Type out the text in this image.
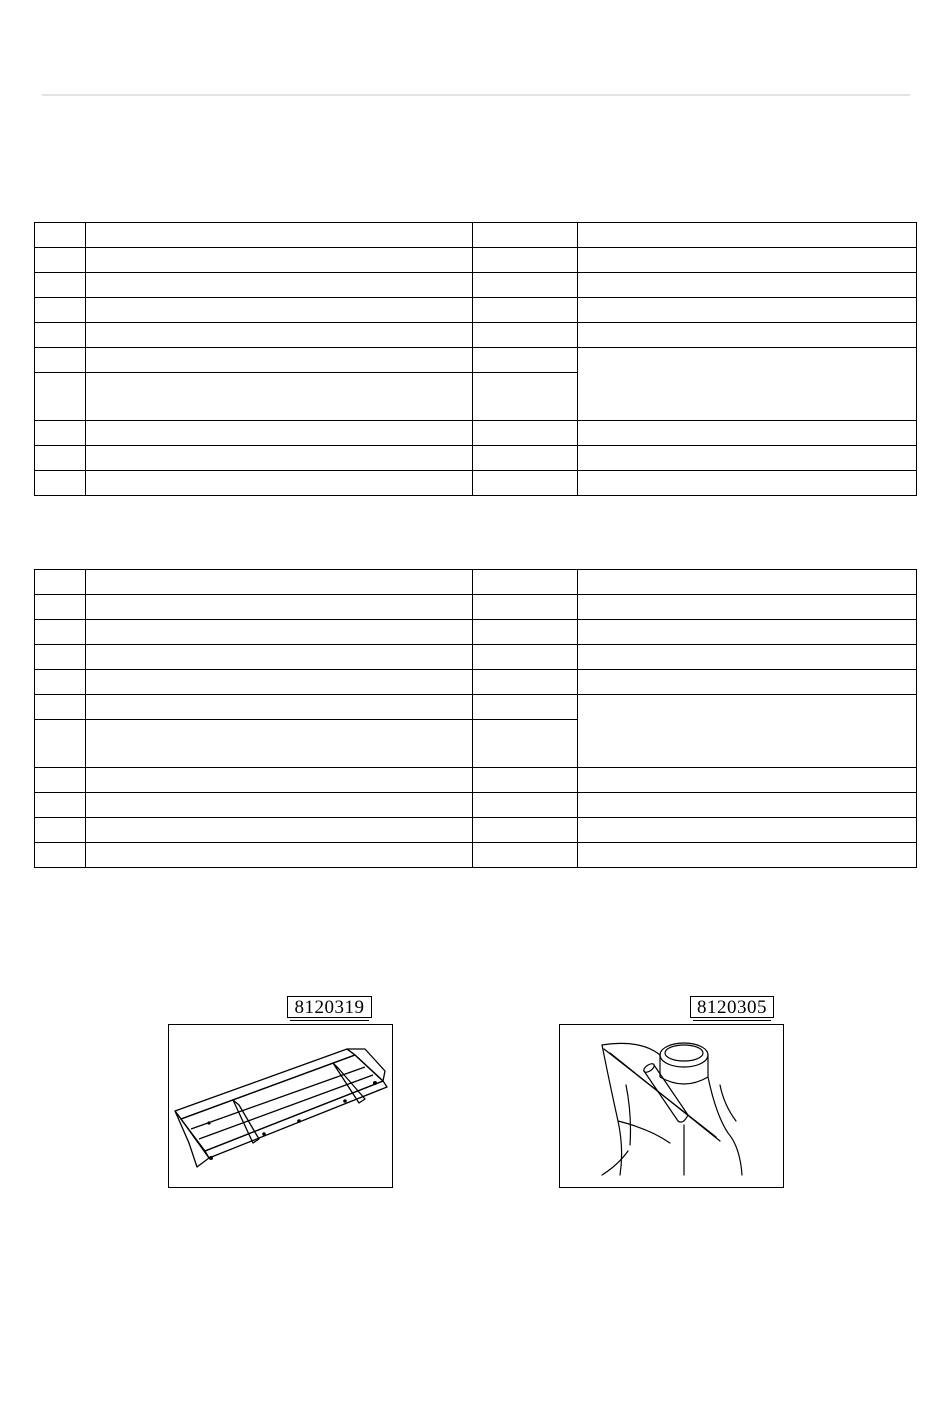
8120319	8120305
